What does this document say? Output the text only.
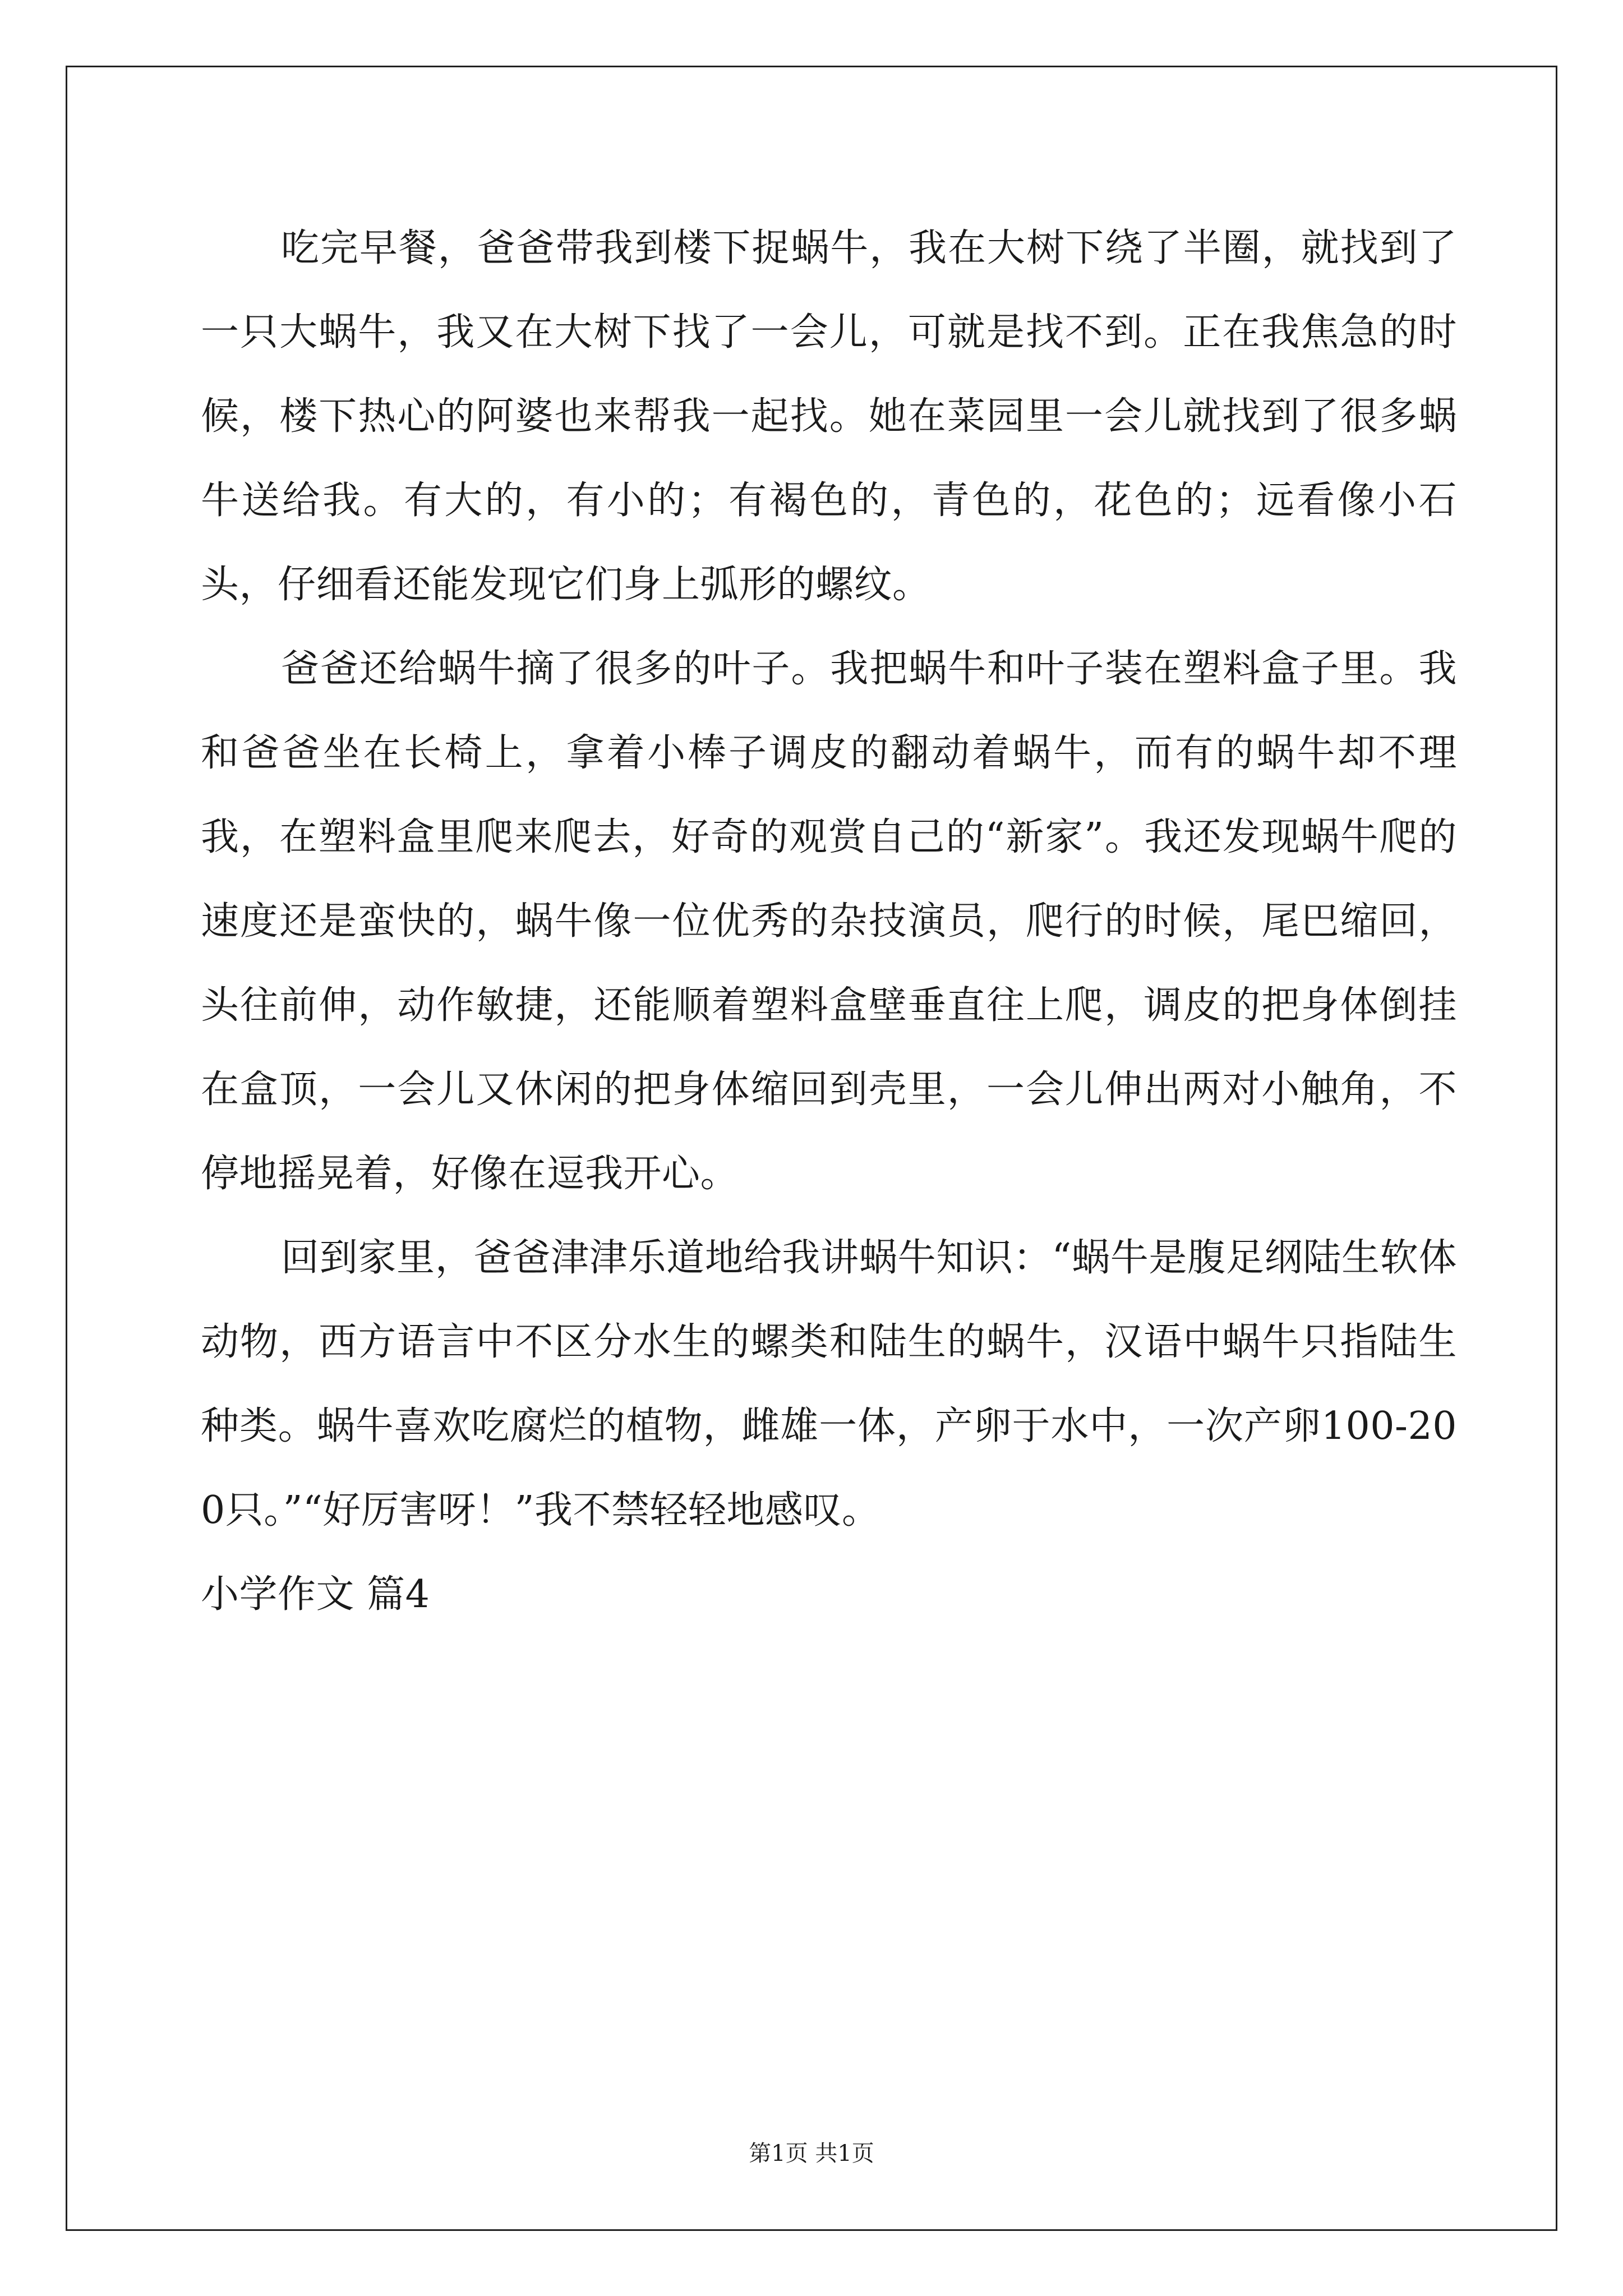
吃完早餐，爸爸带我到楼下捉蜗牛，我在大树下绕了半圈，就找到了一只大蜗牛，我又在大树下找了一会儿，可就是找不到。正在我焦急的时候，楼下热心的阿婆也来帮我一起找。她在菜园里一会儿就找到了很多蜗牛送给我。有大的，有小的；有褐色的，青色的，花色的；远看像小石头，仔细看还能发现它们身上弧形的螺纹。

爸爸还给蜗牛摘了很多的叶子。我把蜗牛和叶子装在塑料盒子里。我和爸爸坐在长椅上，拿着小棒子调皮的翻动着蜗牛，而有的蜗牛却不理我，在塑料盒里爬来爬去，好奇的观赏自己的“新家”。我还发现蜗牛爬的速度还是蛮快的，蜗牛像一位优秀的杂技演员，爬行的时候，尾巴缩回，头往前伸，动作敏捷，还能顺着塑料盒壁垂直往上爬，调皮的把身体倒挂在盒顶，一会儿又休闲的把身体缩回到壳里，一会儿伸出两对小触角，不停地摇晃着，好像在逗我开心。

回到家里，爸爸津津乐道地给我讲蜗牛知识：“蜗牛是腹足纲陆生软体动物，西方语言中不区分水生的螺类和陆生的蜗牛，汉语中蜗牛只指陆生种类。蜗牛喜欢吃腐烂的植物，雌雄一体，产卵于水中，一次产卵100-200只。”“好厉害呀！”我不禁轻轻地感叹。

小学作文 篇4

第1页 共1页
